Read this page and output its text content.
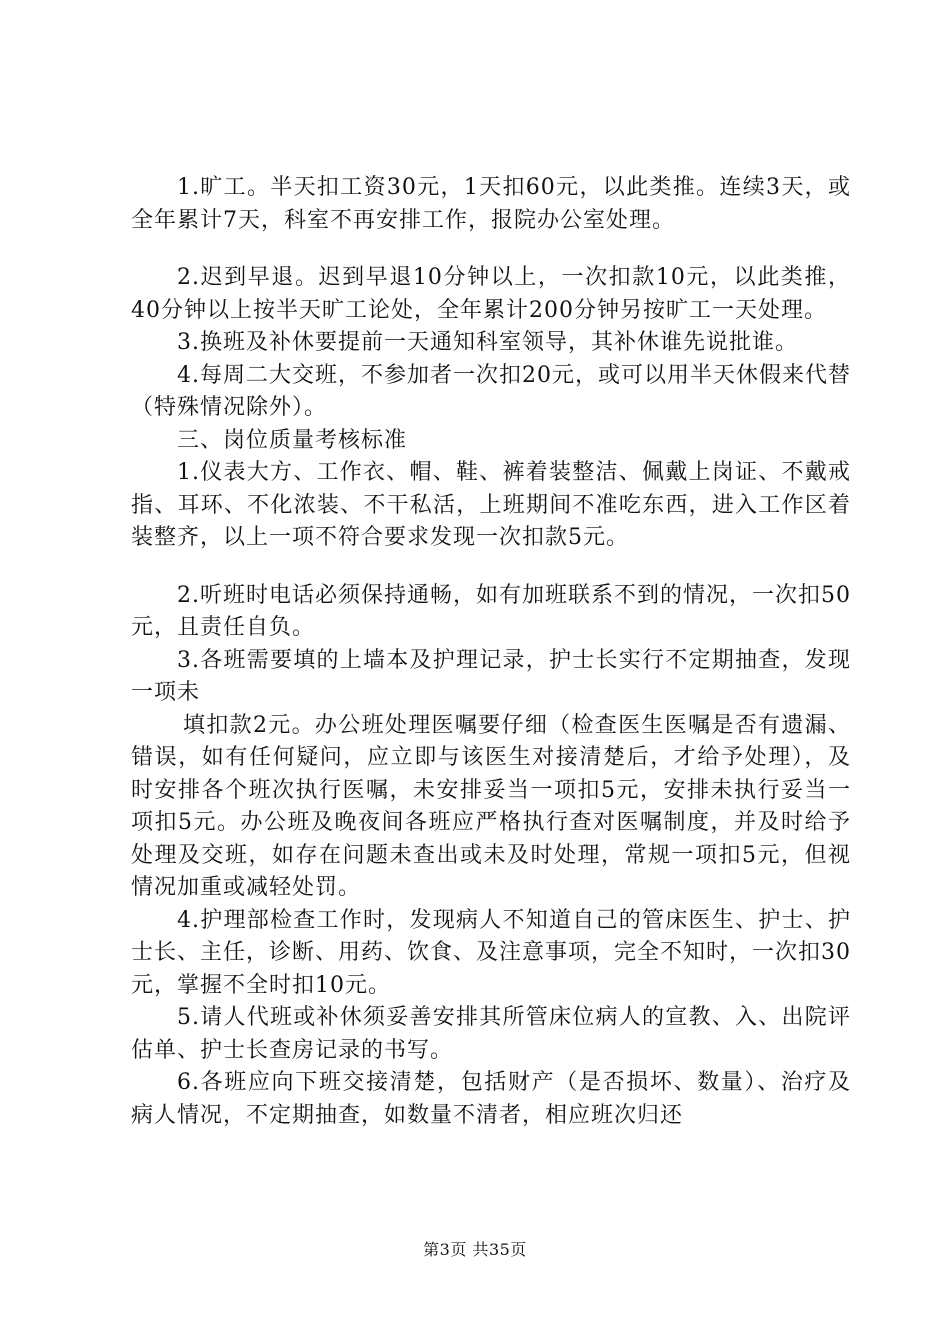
1.旷工。半天扣工资30元，1天扣60元，以此类推。连续3天，或全年累计7天，科室不再安排工作，报院办公室处理。

2.迟到早退。迟到早退10分钟以上，一次扣款10元，以此类推，40分钟以上按半天旷工论处，全年累计200分钟另按旷工一天处理。

3.换班及补休要提前一天通知科室领导，其补休谁先说批谁。

4.每周二大交班，不参加者一次扣20元，或可以用半天休假来代替（特殊情况除外）。

三、岗位质量考核标准

1.仪表大方、工作衣、帽、鞋、裤着装整洁、佩戴上岗证、不戴戒指、耳环、不化浓装、不干私活，上班期间不准吃东西，进入工作区着装整齐，以上一项不符合要求发现一次扣款5元。

2.听班时电话必须保持通畅，如有加班联系不到的情况，一次扣50元，且责任自负。

3.各班需要填的上墙本及护理记录，护士长实行不定期抽查，发现一项未

填扣款2元。办公班处理医嘱要仔细（检查医生医嘱是否有遗漏、错误，如有任何疑问，应立即与该医生对接清楚后，才给予处理），及时安排各个班次执行医嘱，未安排妥当一项扣5元，安排未执行妥当一项扣5元。办公班及晚夜间各班应严格执行查对医嘱制度，并及时给予处理及交班，如存在问题未查出或未及时处理，常规一项扣5元，但视情况加重或减轻处罚。

4.护理部检查工作时，发现病人不知道自己的管床医生、护士、护士长、主任，诊断、用药、饮食、及注意事项，完全不知时，一次扣30元，掌握不全时扣10元。

5.请人代班或补休须妥善安排其所管床位病人的宣教、入、出院评估单、护士长查房记录的书写。

6.各班应向下班交接清楚，包括财产（是否损坏、数量）、治疗及病人情况，不定期抽查，如数量不清者，相应班次归还

第3页 共35页
